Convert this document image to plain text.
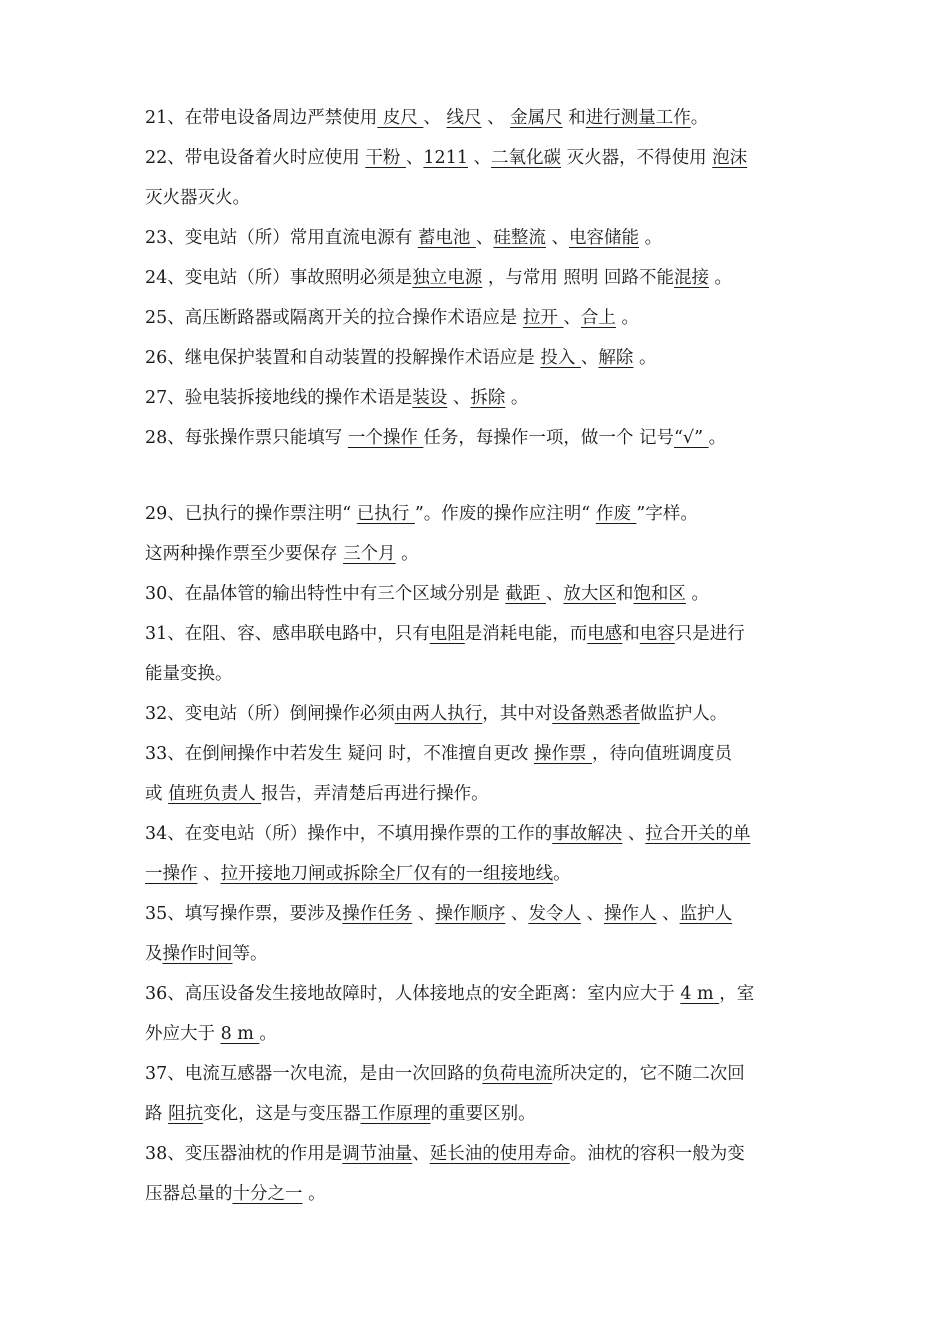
21、在带电设备周边严禁使用 皮尺 、 线尺 、 金属尺 和进行测量工作。
22、带电设备着火时应使用 干粉 、1211 、二氧化碳 灭火器，不得使用 泡沫
灭火器灭火。
23、变电站（所）常用直流电源有 蓄电池 、硅整流 、电容储能 。
24、变电站（所）事故照明必须是独立电源 ，与常用 照明 回路不能混接 。
25、高压断路器或隔离开关的拉合操作术语应是 拉开 、合上 。
26、继电保护装置和自动装置的投解操作术语应是 投入 、解除 。
27、验电装拆接地线的操作术语是装设 、拆除 。
28、每张操作票只能填写 一个操作 任务，每操作一项，做一个 记号“√” 。
29、已执行的操作票注明“ 已执行 ”。作废的操作应注明“ 作废 ”字样。
这两种操作票至少要保存 三个月 。
30、在晶体管的输出特性中有三个区域分别是 截距 、放大区和饱和区 。
31、在阻、容、感串联电路中，只有电阻是消耗电能，而电感和电容只是进行
能量变换。
32、变电站（所）倒闸操作必须由两人执行，其中对设备熟悉者做监护人。
33、在倒闸操作中若发生 疑问 时，不准擅自更改 操作票 ，待向值班调度员
或 值班负责人 报告，弄清楚后再进行操作。
34、在变电站（所）操作中，不填用操作票的工作的事故解决 、拉合开关的单
一操作 、拉开接地刀闸或拆除全厂仅有的一组接地线。
35、填写操作票，要涉及操作任务 、操作顺序 、发令人 、操作人 、监护人
及操作时间等。
36、高压设备发生接地故障时，人体接地点的安全距离：室内应大于 4 m ，室
外应大于 8 m 。
37、电流互感器一次电流，是由一次回路的负荷电流所决定的，它不随二次回
路 阻抗变化，这是与变压器工作原理的重要区别。
38、变压器油枕的作用是调节油量、延长油的使用寿命。油枕的容积一般为变
压器总量的十分之一 。
